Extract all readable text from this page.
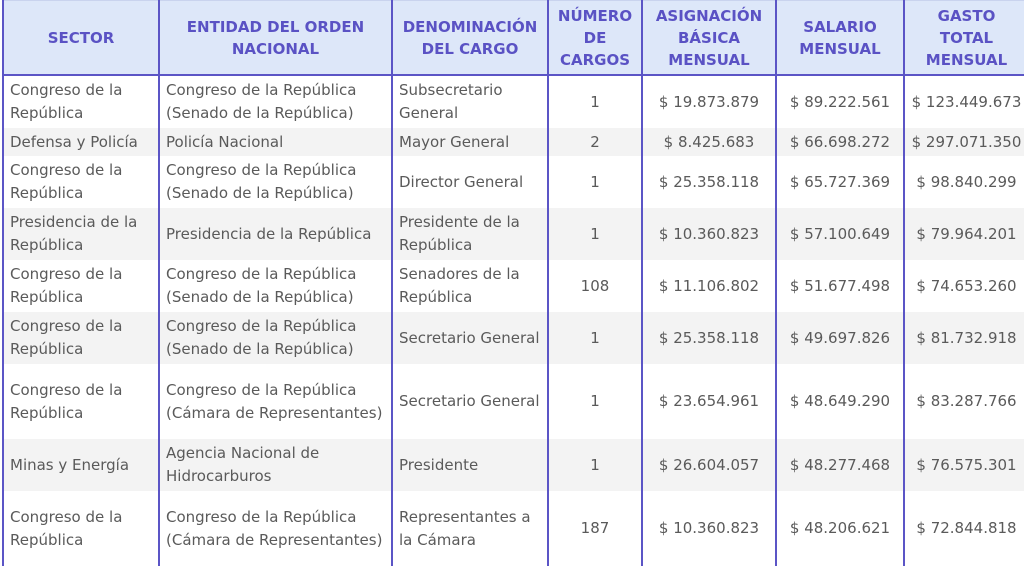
SECTOR	ENTIDAD DEL ORDEN NACIONAL	DENOMINACIÓN DEL CARGO	NÚMERO DE CARGOS	ASIGNACIÓN BÁSICA MENSUAL	SALARIO MENSUAL	GASTO TOTAL MENSUAL
Congreso de la República	Congreso de la República (Senado de la República)	Subsecretario General	1	$ 19.873.879	$ 89.222.561	$ 123.449.673
Defensa y Policía	Policía Nacional	Mayor General	2	$ 8.425.683	$ 66.698.272	$ 297.071.350
Congreso de la República	Congreso de la República (Senado de la República)	Director General	1	$ 25.358.118	$ 65.727.369	$ 98.840.299
Presidencia de la República	Presidencia de la República	Presidente de la República	1	$ 10.360.823	$ 57.100.649	$ 79.964.201
Congreso de la República	Congreso de la República (Senado de la República)	Senadores de la República	108	$ 11.106.802	$ 51.677.498	$ 74.653.260
Congreso de la República	Congreso de la República (Senado de la República)	Secretario General	1	$ 25.358.118	$ 49.697.826	$ 81.732.918
Congreso de la República	Congreso de la República (Cámara de Representantes)	Secretario General	1	$ 23.654.961	$ 48.649.290	$ 83.287.766
Minas y Energía	Agencia Nacional de Hidrocarburos	Presidente	1	$ 26.604.057	$ 48.277.468	$ 76.575.301
Congreso de la República	Congreso de la República (Cámara de Representantes)	Representantes a la Cámara	187	$ 10.360.823	$ 48.206.621	$ 72.844.818
